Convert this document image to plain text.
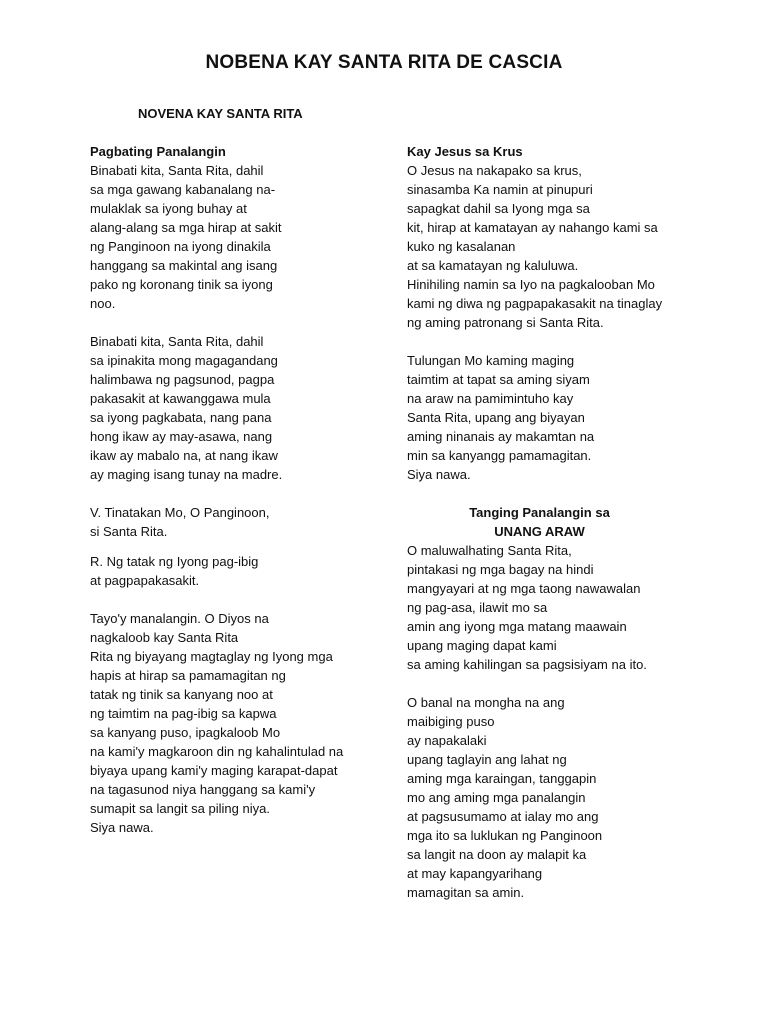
NOBENA KAY SANTA RITA DE CASCIA
NOVENA KAY SANTA RITA
Pagbating Panalangin
Binabati kita, Santa Rita, dahil
sa mga gawang kabanalang na-
mulaklak sa iyong buhay at
alang-alang sa mga hirap at sakit
ng Panginoon na iyong dinakila
hanggang sa makintal ang isang
pako ng koronang tinik sa iyong
noo.
Binabati kita, Santa Rita, dahil
sa ipinakita mong magagandang
halimbawa ng pagsunod, pagpa
pakasakit at kawanggawa mula
sa iyong pagkabata, nang pana
hong ikaw ay may-asawa, nang
ikaw ay mabalo na, at nang ikaw
ay maging isang tunay na madre.
V. Tinatakan Mo, O Panginoon,
si Santa Rita.
R. Ng tatak ng Iyong pag-ibig
at pagpapakasakit.
Tayo'y manalangin. O Diyos na
nagkaloob kay Santa Rita
Rita ng biyayang magtaglay ng Iyong mga
hapis at hirap sa pamamagitan ng
tatak ng tinik sa kanyang noo at
ng taimtim na pag-ibig sa kapwa
sa kanyang puso, ipagkaloob Mo
na kami'y magkaroon din ng kahalintulad na
biyaya upang kami'y maging karapat-dapat
na tagasunod niya hanggang sa kami'y
sumapit sa langit sa piling niya.
Siya nawa.
Kay Jesus sa Krus
O Jesus na nakapako sa krus,
sinasamba Ka namin at pinupuri
sapagkat dahil sa Iyong mga sa
kit, hirap at kamatayan ay nahango kami sa
kuko ng kasalanan
at sa kamatayan ng kaluluwa.
Hinihiling namin sa Iyo na pagkalooban Mo
kami ng diwa ng pagpapakasakit na tinaglay
ng aming patronang si Santa Rita.
Tulungan Mo kaming maging
taimtim at tapat sa aming siyam
na araw na pamimintuho kay
Santa Rita, upang ang biyayan
aming ninanais ay makamtan na
min sa kanyangg pamamagitan.
Siya nawa.
Tanging Panalangin sa
UNANG ARAW
O maluwalhating Santa Rita,
pintakasi ng mga bagay na hindi
mangyayari at ng mga taong nawawalan
ng pag-asa, ilawit mo sa
amin ang iyong mga matang maawain
upang maging dapat kami
sa aming kahilingan sa pagsisiyam na ito.
O banal na mongha na ang
maibiging puso
ay napakalaki
upang taglayin ang lahat ng
aming mga karaingan, tanggapin
mo ang aming mga panalangin
at pagsusumamo at ialay mo ang
mga ito sa luklukan ng Panginoon
sa langit na doon ay malapit ka
at may kapangyarihang
mamagitan sa amin.
